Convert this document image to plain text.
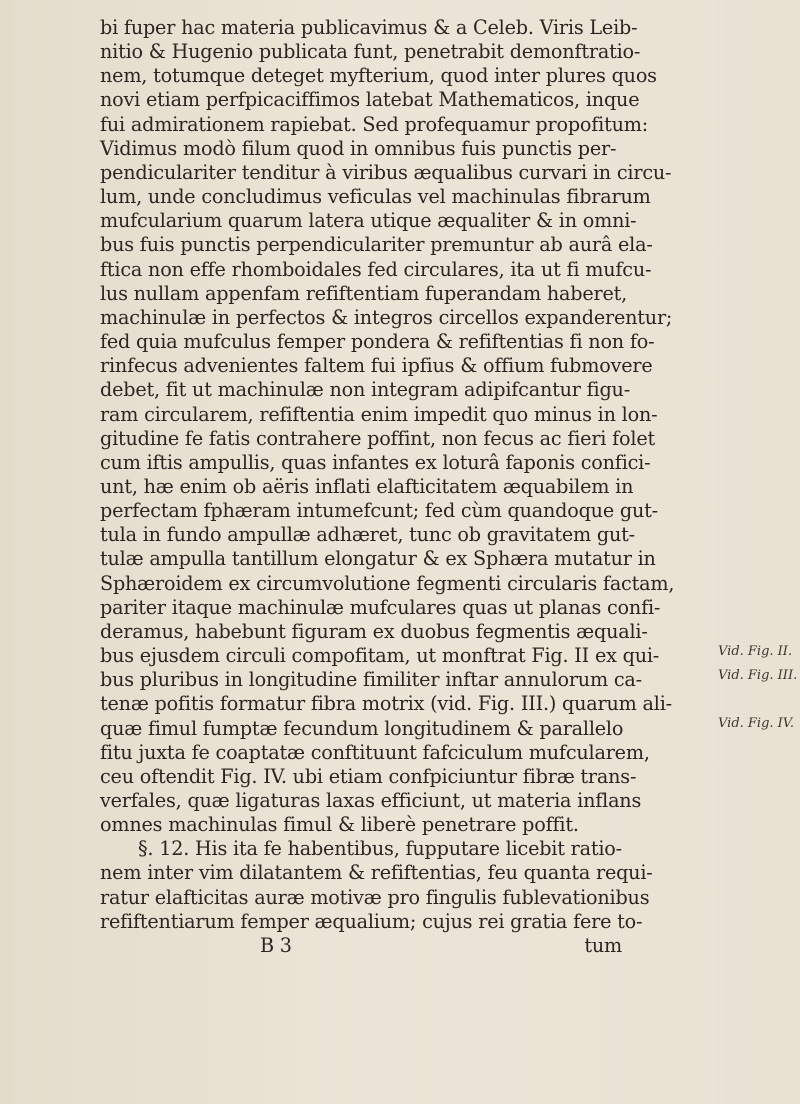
bi fuper hac materia publicavimus & a Celeb. Viris Leib-
nitio & Hugenio publicata funt, penetrabit demonftratio-
nem, totumque deteget myfterium, quod inter plures quos
novi etiam perfpicaciffimos latebat Mathematicos, inque
fui admirationem rapiebat. Sed profequamur propofitum:
Vidimus modò filum quod in omnibus fuis punctis per-
pendiculariter tenditur à viribus æqualibus curvari in circu-
lum, unde concludimus veficulas vel machinulas fibrarum
mufcularium quarum latera utique æqualiter & in omni-
bus fuis punctis perpendiculariter premuntur ab aurâ ela-
ftica non effe rhomboidales fed circulares, ita ut fi mufcu-
lus nullam appenfam refiftentiam fuperandam haberet,
machinulæ in perfectos & integros circellos expanderentur;
fed quia mufculus femper pondera & refiftentias fi non fo-
rinfecus advenientes faltem fui ipfius & offium fubmovere
debet, fit ut machinulæ non integram adipifcantur figu-
ram circularem, refiftentia enim impedit quo minus in lon-
gitudine fe fatis contrahere poffint, non fecus ac fieri folet
cum iftis ampullis, quas infantes ex loturâ faponis confici-
unt, hæ enim ob aëris inflati elafticitatem æquabilem in
perfectam fphæram intumefcunt; fed cùm quandoque gut-
tula in fundo ampullæ adhæret, tunc ob gravitatem gut-
tulæ ampulla tantillum elongatur & ex Sphæra mutatur in
Sphæroidem ex circumvolutione fegmenti circularis factam,
pariter itaque machinulæ mufculares quas ut planas confi-
deramus, habebunt figuram ex duobus fegmentis æquali-
bus ejusdem circuli compofitam, ut monftrat Fig. II ex qui-
bus pluribus in longitudine fimiliter inftar annulorum ca-
tenæ pofitis formatur fibra motrix (vid. Fig. III.) quarum ali-
quæ fimul fumptæ fecundum longitudinem & parallelo
fitu juxta fe coaptatæ conftituunt fafciculum mufcularem,
ceu oftendit Fig. IV. ubi etiam confpiciuntur fibræ trans-
verfales, quæ ligaturas laxas efficiunt, ut materia inflans
omnes machinulas fimul & liberè penetrare poffit.
§. 12. His ita fe habentibus, fupputare licebit ratio-
nem inter vim dilatantem & refiftentias, feu quanta requi-
ratur elafticitas auræ motivæ pro fingulis fublevationibus
refiftentiarum femper æqualium; cujus rei gratia fere to-
B 3	tum
Vid. Fig. II.
Vid. Fig. III.
Vid. Fig. IV.
